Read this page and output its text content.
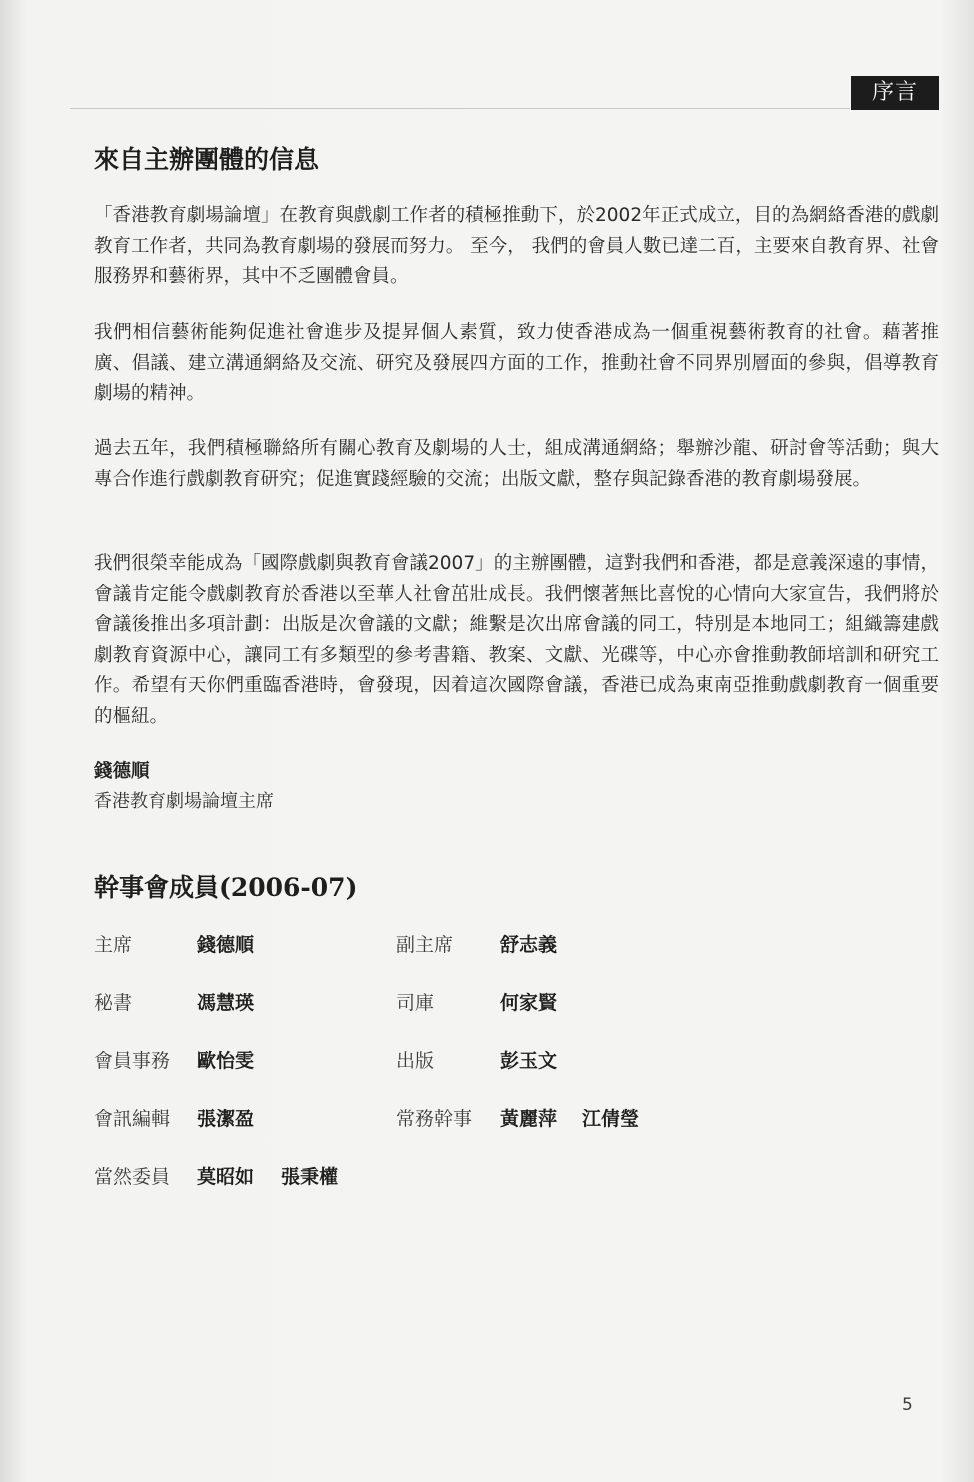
序言
來自主辦團體的信息

「香港教育劇場論壇」在教育與戲劇工作者的積極推動下，於2002年正式成立，目的為網絡香港的戲劇教育工作者，共同為教育劇場的發展而努力。 至今， 我們的會員人數已達二百，主要來自教育界、社會服務界和藝術界，其中不乏團體會員。

我們相信藝術能夠促進社會進步及提昇個人素質，致力使香港成為一個重視藝術教育的社會。藉著推廣、倡議、建立溝通網絡及交流、研究及發展四方面的工作，推動社會不同界別層面的參與，倡導教育劇場的精神。

過去五年，我們積極聯絡所有關心教育及劇場的人士，組成溝通網絡；舉辦沙龍、研討會等活動；與大專合作進行戲劇教育研究；促進實踐經驗的交流；出版文獻，整存與記錄香港的教育劇場發展。

我們很榮幸能成為「國際戲劇與教育會議2007」的主辦團體，這對我們和香港，都是意義深遠的事情，會議肯定能令戲劇教育於香港以至華人社會茁壯成長。我們懷著無比喜悅的心情向大家宣告，我們將於會議後推出多項計劃：出版是次會議的文獻；維繫是次出席會議的同工，特別是本地同工；組織籌建戲劇教育資源中心，讓同工有多類型的參考書籍、教案、文獻、光碟等，中心亦會推動教師培訓和研究工作。希望有天你們重臨香港時，會發現，因着這次國際會議，香港已成為東南亞推動戲劇教育一個重要的樞紐。

錢德順
香港教育劇場論壇主席
幹事會成員(2006-07)
主席	錢德順	副主席 舒志義
秘書	馮慧瑛	司庫	何家賢
會員事務 歐怡雯	出版	彭玉文
會訊編輯 張潔盈	常務幹事 黃麗萍 江倩瑩
當然委員 莫昭如 張秉權
5
